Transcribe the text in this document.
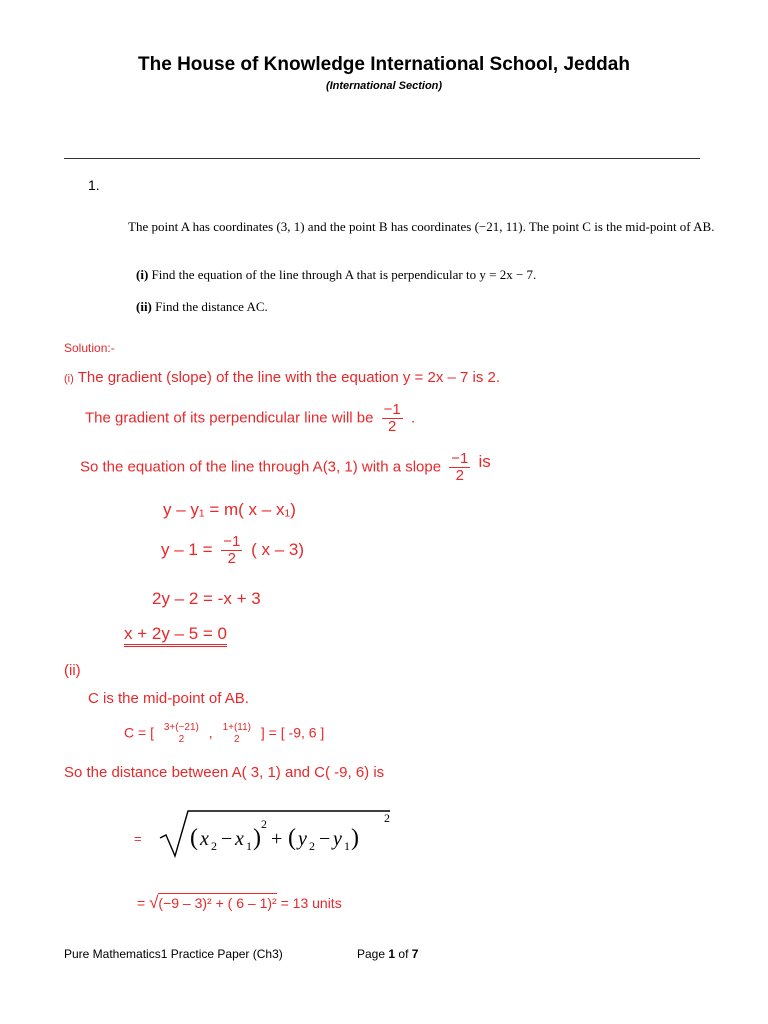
The House of Knowledge International School, Jeddah
(International Section)
1.
The point A has coordinates (3, 1) and the point B has coordinates (−21, 11). The point C is the mid-point of AB.
(i) Find the equation of the line through A that is perpendicular to y = 2x − 7.
(ii) Find the distance AC.
Solution:-
(i) The gradient (slope) of the line with the equation y = 2x – 7 is 2.
The gradient of its perpendicular line will be $\frac{-1}{2}$ .
So the equation of the line through A(3, 1) with a slope $\frac{-1}{2}$ is
y – y₁ = m( x – x₁)
$y - 1 = \frac{-1}{2}$ ( x – 3)
2y – 2 = -x + 3
x + 2y – 5 = 0
(ii)
C is the mid-point of AB.
C = [ 3+(−21)
2	, 1+(11)
2	] = [ -9, 6 ]
So the distance between A( 3, 1) and C( -9, 6) is
= ( x 2 − x 1 )
2
+ ( y 2 − y 1 )
2
= √(−9 – 3)² + ( 6 – 1)² = 13 units
Pure Mathematics1 Practice Paper (Ch3)	Page 1 of 7
